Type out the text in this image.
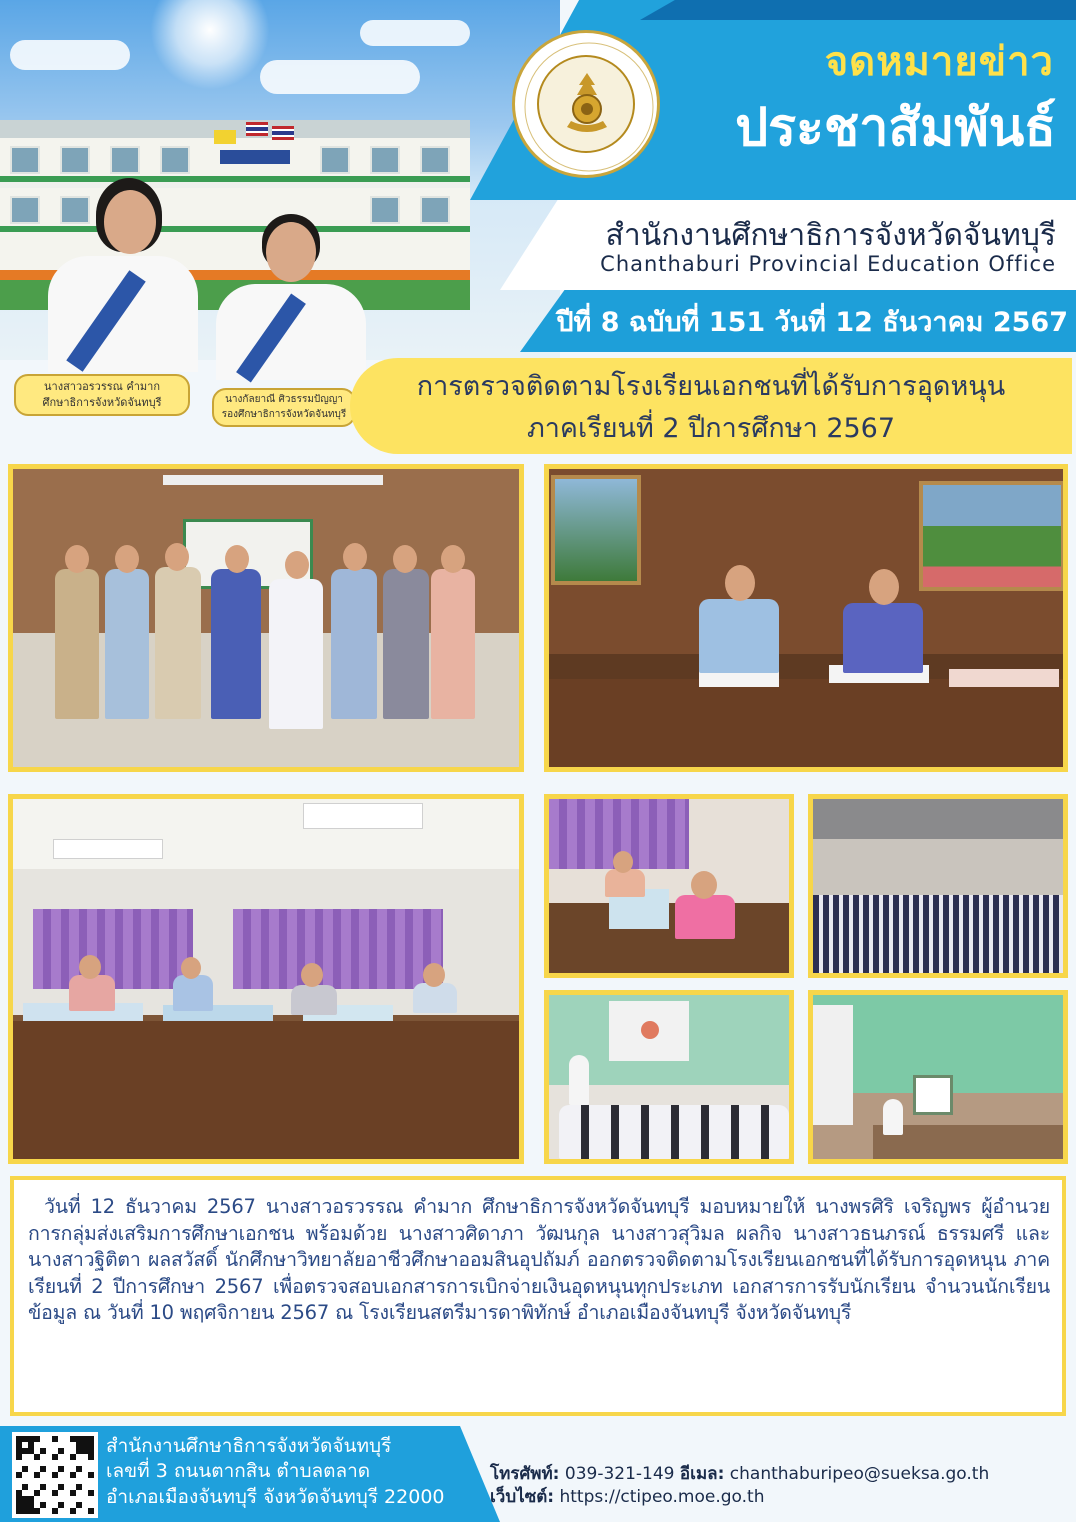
จดหมายข่าว
ประชาสัมพันธ์
สำนักงานศึกษาธิการจังหวัดจันทบุรี
Chanthaburi Provincial Education Office
ปีที่ 8 ฉบับที่ 151 วันที่ 12 ธันวาคม 2567
นางสาวอรวรรณ คำมาก
ศึกษาธิการจังหวัดจันทบุรี	นางกัลยาณี ศิวธรรมปัญญา
รองศึกษาธิการจังหวัดจันทบุรี
การตรวจติดตามโรงเรียนเอกชนที่ได้รับการอุดหนุน
ภาคเรียนที่ 2 ปีการศึกษา 2567

วันที่ 12 ธันวาคม 2567 นางสาวอรวรรณ คำมาก ศึกษาธิการจังหวัดจันทบุรี มอบหมายให้ นางพรศิริ เจริญพร ผู้อำนวยการกลุ่มส่งเสริมการศึกษาเอกชน พร้อมด้วย นางสาวศิดาภา วัฒนกุล นางสาวสุวิมล ผลกิจ นางสาวธนภรณ์ ธรรมศรี และนางสาวฐิติตา ผลสวัสดิ์ นักศึกษาวิทยาลัยอาชีวศึกษาออมสินอุปถัมภ์ ออกตรวจติดตามโรงเรียนเอกชนที่ได้รับการอุดหนุน ภาคเรียนที่ 2 ปีการศึกษา 2567 เพื่อตรวจสอบเอกสารการเบิกจ่ายเงินอุดหนุนทุกประเภท เอกสารการรับนักเรียน จำนวนนักเรียน ข้อมูล ณ วันที่ 10 พฤศจิกายน 2567 ณ โรงเรียนสตรีมารดาพิทักษ์ อำเภอเมืองจันทบุรี จังหวัดจันทบุรี

สำนักงานศึกษาธิการจังหวัดจันทบุรี
เลขที่ 3 ถนนตากสิน ตำบลตลาด
อำเภอเมืองจันทบุรี จังหวัดจันทบุรี 22000
โทรศัพท์: 039-321-149 อีเมล: chanthaburipeo@sueksa.go.th
เว็บไซต์: https://ctipeo.moe.go.th
